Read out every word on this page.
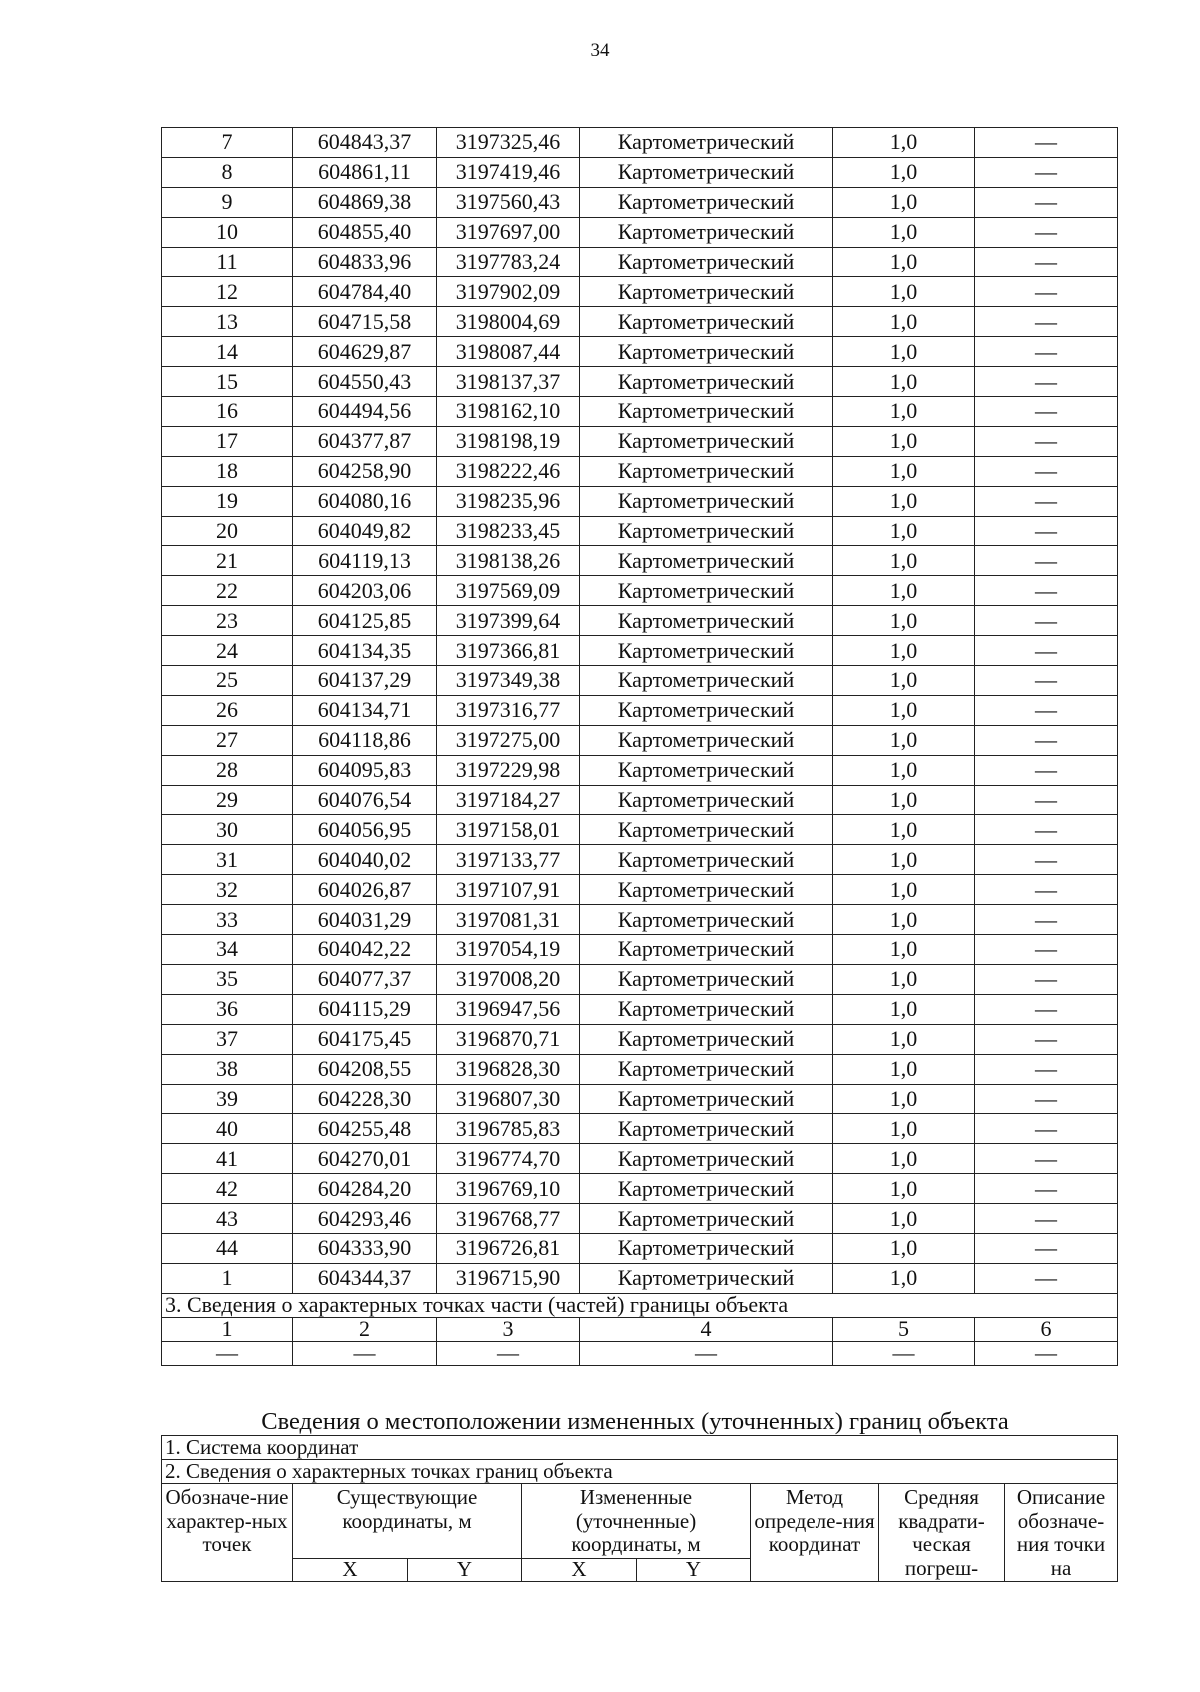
34
7	604843,37	3197325,46	Картометрический	1,0	—
8	604861,11	3197419,46	Картометрический	1,0	—
9	604869,38	3197560,43	Картометрический	1,0	—
10	604855,40	3197697,00	Картометрический	1,0	—
11	604833,96	3197783,24	Картометрический	1,0	—
12	604784,40	3197902,09	Картометрический	1,0	—
13	604715,58	3198004,69	Картометрический	1,0	—
14	604629,87	3198087,44	Картометрический	1,0	—
15	604550,43	3198137,37	Картометрический	1,0	—
16	604494,56	3198162,10	Картометрический	1,0	—
17	604377,87	3198198,19	Картометрический	1,0	—
18	604258,90	3198222,46	Картометрический	1,0	—
19	604080,16	3198235,96	Картометрический	1,0	—
20	604049,82	3198233,45	Картометрический	1,0	—
21	604119,13	3198138,26	Картометрический	1,0	—
22	604203,06	3197569,09	Картометрический	1,0	—
23	604125,85	3197399,64	Картометрический	1,0	—
24	604134,35	3197366,81	Картометрический	1,0	—
25	604137,29	3197349,38	Картометрический	1,0	—
26	604134,71	3197316,77	Картометрический	1,0	—
27	604118,86	3197275,00	Картометрический	1,0	—
28	604095,83	3197229,98	Картометрический	1,0	—
29	604076,54	3197184,27	Картометрический	1,0	—
30	604056,95	3197158,01	Картометрический	1,0	—
31	604040,02	3197133,77	Картометрический	1,0	—
32	604026,87	3197107,91	Картометрический	1,0	—
33	604031,29	3197081,31	Картометрический	1,0	—
34	604042,22	3197054,19	Картометрический	1,0	—
35	604077,37	3197008,20	Картометрический	1,0	—
36	604115,29	3196947,56	Картометрический	1,0	—
37	604175,45	3196870,71	Картометрический	1,0	—
38	604208,55	3196828,30	Картометрический	1,0	—
39	604228,30	3196807,30	Картометрический	1,0	—
40	604255,48	3196785,83	Картометрический	1,0	—
41	604270,01	3196774,70	Картометрический	1,0	—
42	604284,20	3196769,10	Картометрический	1,0	—
43	604293,46	3196768,77	Картометрический	1,0	—
44	604333,90	3196726,81	Картометрический	1,0	—
1	604344,37	3196715,90	Картометрический	1,0	—
3. Сведения о характерных точках части (частей) границы объекта					
1	2	3	4	5	6
—	—	—	—	—	—
Сведения о местоположении измененных (уточненных) границ объекта
1. Система координат							
2. Сведения о характерных точках границ объекта							
Обозначе-ние характер-ных точек	Существующие координаты, м		Измененные (уточненные) координаты, м		Метод определе-ния координат	Средняя квадрати-ческая погреш-	Описание обозначе-ния точки на
	X	Y	X	Y			
